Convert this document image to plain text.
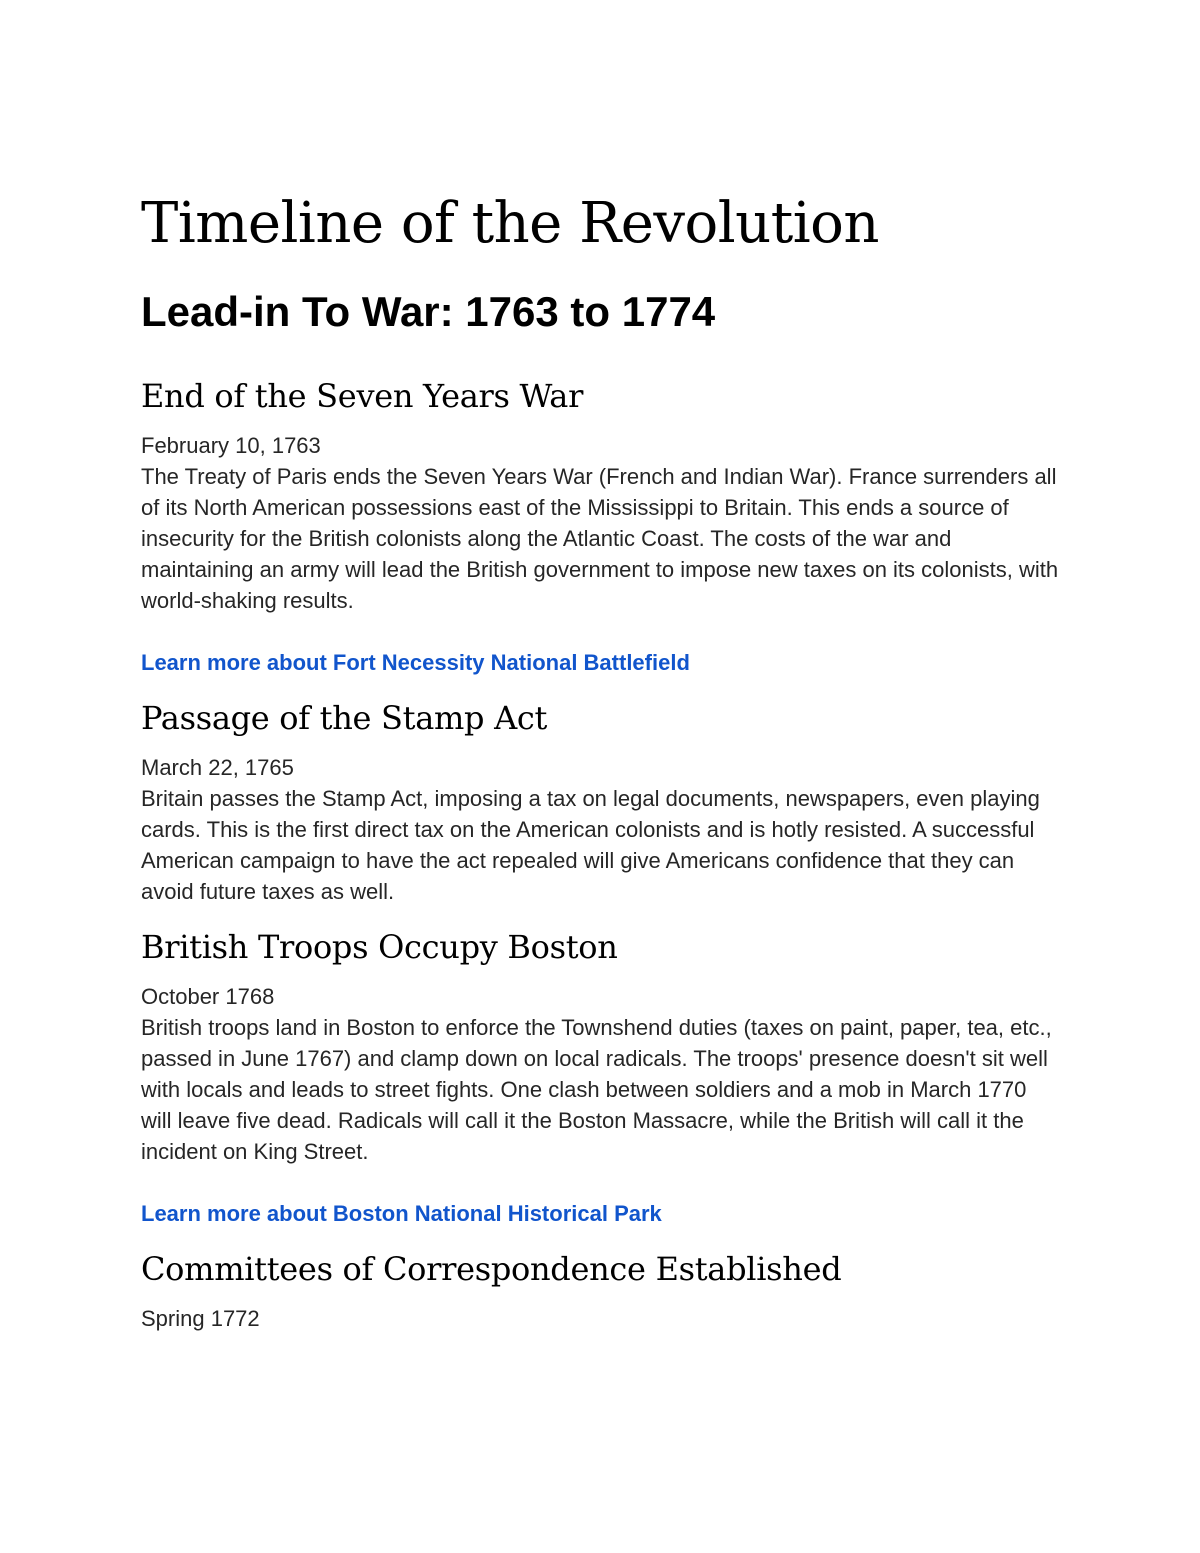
Timeline of the Revolution
Lead-in To War: 1763 to 1774
End of the Seven Years War

February 10, 1763

The Treaty of Paris ends the Seven Years War (French and Indian War). France surrenders all of its North American possessions east of the Mississippi to Britain. This ends a source of insecurity for the British colonists along the Atlantic Coast. The costs of the war and maintaining an army will lead the British government to impose new taxes on its colonists, with world-shaking results.

Learn more about Fort Necessity National Battlefield
Passage of the Stamp Act

March 22, 1765

Britain passes the Stamp Act, imposing a tax on legal documents, newspapers, even playing cards. This is the first direct tax on the American colonists and is hotly resisted. A successful American campaign to have the act repealed will give Americans confidence that they can avoid future taxes as well.

British Troops Occupy Boston

October 1768

British troops land in Boston to enforce the Townshend duties (taxes on paint, paper, tea, etc., passed in June 1767) and clamp down on local radicals. The troops' presence doesn't sit well with locals and leads to street fights. One clash between soldiers and a mob in March 1770 will leave five dead. Radicals will call it the Boston Massacre, while the British will call it the incident on King Street.

Learn more about Boston National Historical Park
Committees of Correspondence Established

Spring 1772
